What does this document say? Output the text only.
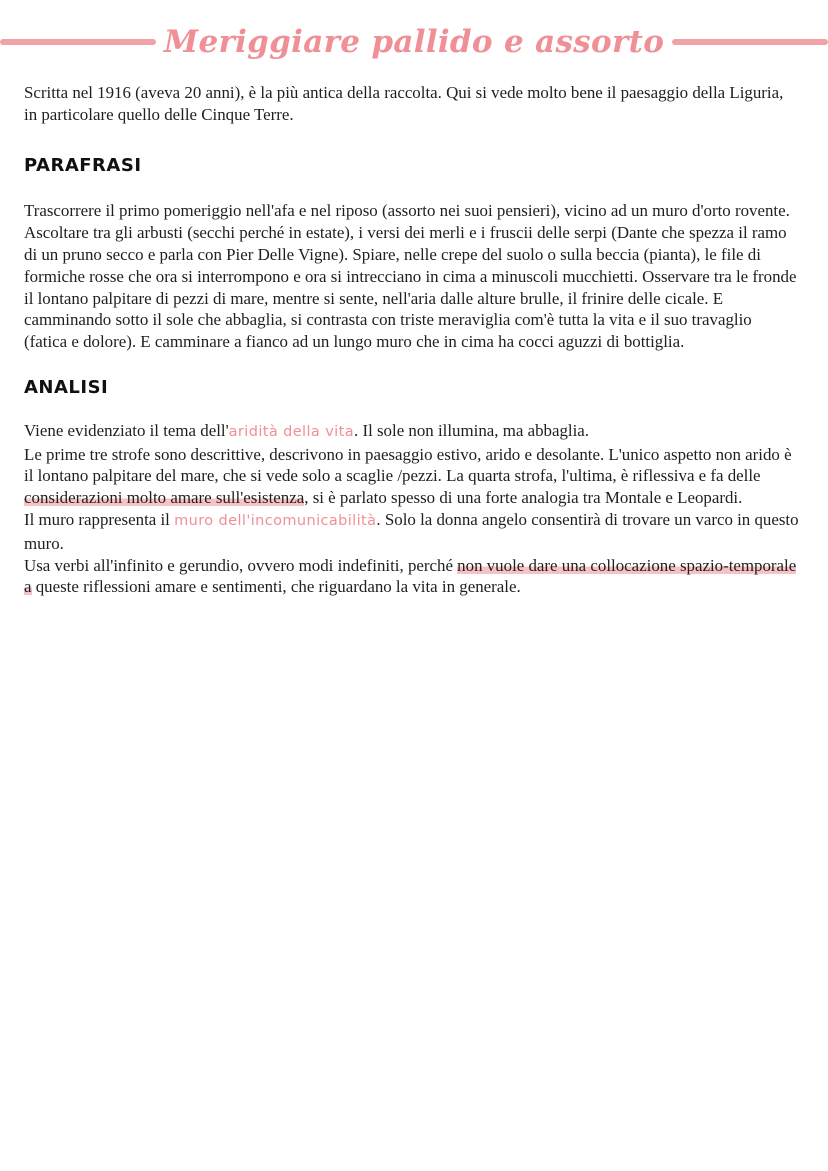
Meriggiare pallido e assorto

Scritta nel 1916 (aveva 20 anni), è la più antica della raccolta. Qui si vede molto bene il paesaggio della Liguria, in particolare quello delle Cinque Terre.

PARAFRASI

Trascorrere il primo pomeriggio nell'afa e nel riposo (assorto nei suoi pensieri), vicino ad un muro d'orto rovente. Ascoltare tra gli arbusti (secchi perché in estate), i versi dei merli e i fruscii delle serpi (Dante che spezza il ramo di un pruno secco e parla con Pier Delle Vigne). Spiare, nelle crepe del suolo o sulla beccia (pianta), le file di formiche rosse che ora si interrompono e ora si intrecciano in cima a minuscoli mucchietti. Osservare tra le fronde il lontano palpitare di pezzi di mare, mentre si sente, nell'aria dalle alture brulle, il frinire delle cicale. E camminando sotto il sole che abbaglia, si contrasta con triste meraviglia com'è tutta la vita e il suo travaglio (fatica e dolore). E camminare a fianco ad un lungo muro che in cima ha cocci aguzzi di bottiglia.

ANALISI

Viene evidenziato il tema dell'aridità della vita. Il sole non illumina, ma abbaglia.

Le prime tre strofe sono descrittive, descrivono in paesaggio estivo, arido e desolante. L'unico aspetto non arido è il lontano palpitare del mare, che si vede solo a scaglie /pezzi. La quarta strofa, l'ultima, è riflessiva e fa delle considerazioni molto amare sull'esistenza, si è parlato spesso di una forte analogia tra Montale e Leopardi.

Il muro rappresenta il muro dell'incomunicabilità. Solo la donna angelo consentirà di trovare un varco in questo muro.

Usa verbi all'infinito e gerundio, ovvero modi indefiniti, perché non vuole dare una collocazione spazio-temporale a queste riflessioni amare e sentimenti, che riguardano la vita in generale.
